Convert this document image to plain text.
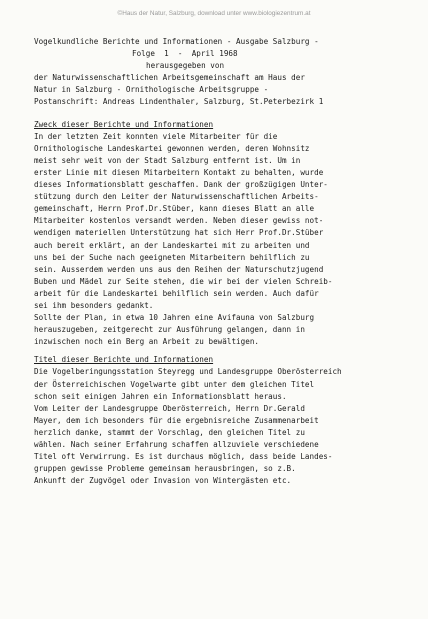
©Haus der Natur, Salzburg, download unter www.biologiezentrum.at
Vogelkundliche Berichte und Informationen - Ausgabe Salzburg -
Folge  1  -  April 1968
herausgegeben von
der Naturwissenschaftlichen Arbeitsgemeinschaft am Haus der
Natur in Salzburg - Ornithologische Arbeitsgruppe -
Postanschrift: Andreas Lindenthaler, Salzburg, St.Peterbezirk 1
Zweck dieser Berichte und Informationen
In der letzten Zeit konnten viele Mitarbeiter für die
Ornithologische Landeskartei gewonnen werden, deren Wohnsitz
meist sehr weit von der Stadt Salzburg entfernt ist. Um in
erster Linie mit diesen Mitarbeitern Kontakt zu behalten, wurde
dieses Informationsblatt geschaffen. Dank der großzügigen Unter-
stützung durch den Leiter der Naturwissenschaftlichen Arbeits-
gemeinschaft, Herrn Prof.Dr.Stüber, kann dieses Blatt an alle
Mitarbeiter kostenlos versandt werden. Neben dieser gewiss not-
wendigen materiellen Unterstützung hat sich Herr Prof.Dr.Stüber
auch bereit erklärt, an der Landeskartei mit zu arbeiten und
uns bei der Suche nach geeigneten Mitarbeitern behilflich zu
sein. Ausserdem werden uns aus den Reihen der Naturschutzjugend
Buben und Mädel zur Seite stehen, die wir bei der vielen Schreib-
arbeit für die Landeskartei behilflich sein werden. Auch dafür
sei ihm besonders gedankt.
Sollte der Plan, in etwa 10 Jahren eine Avifauna von Salzburg
herauszugeben, zeitgerecht zur Ausführung gelangen, dann in
inzwischen noch ein Berg an Arbeit zu bewältigen.
Titel dieser Berichte und Informationen
Die Vogelberingungsstation Steyregg und Landesgruppe Oberösterreich
der Österreichischen Vogelwarte gibt unter dem gleichen Titel
schon seit einigen Jahren ein Informationsblatt heraus.
Vom Leiter der Landesgruppe Oberösterreich, Herrn Dr.Gerald
Mayer, dem ich besonders für die ergebnisreiche Zusammenarbeit
herzlich danke, stammt der Vorschlag, den gleichen Titel zu
wählen. Nach seiner Erfahrung schaffen allzuviele verschiedene
Titel oft Verwirrung. Es ist durchaus möglich, dass beide Landes-
gruppen gewisse Probleme gemeinsam herausbringen, so z.B.
Ankunft der Zugvögel oder Invasion von Wintergästen etc.
